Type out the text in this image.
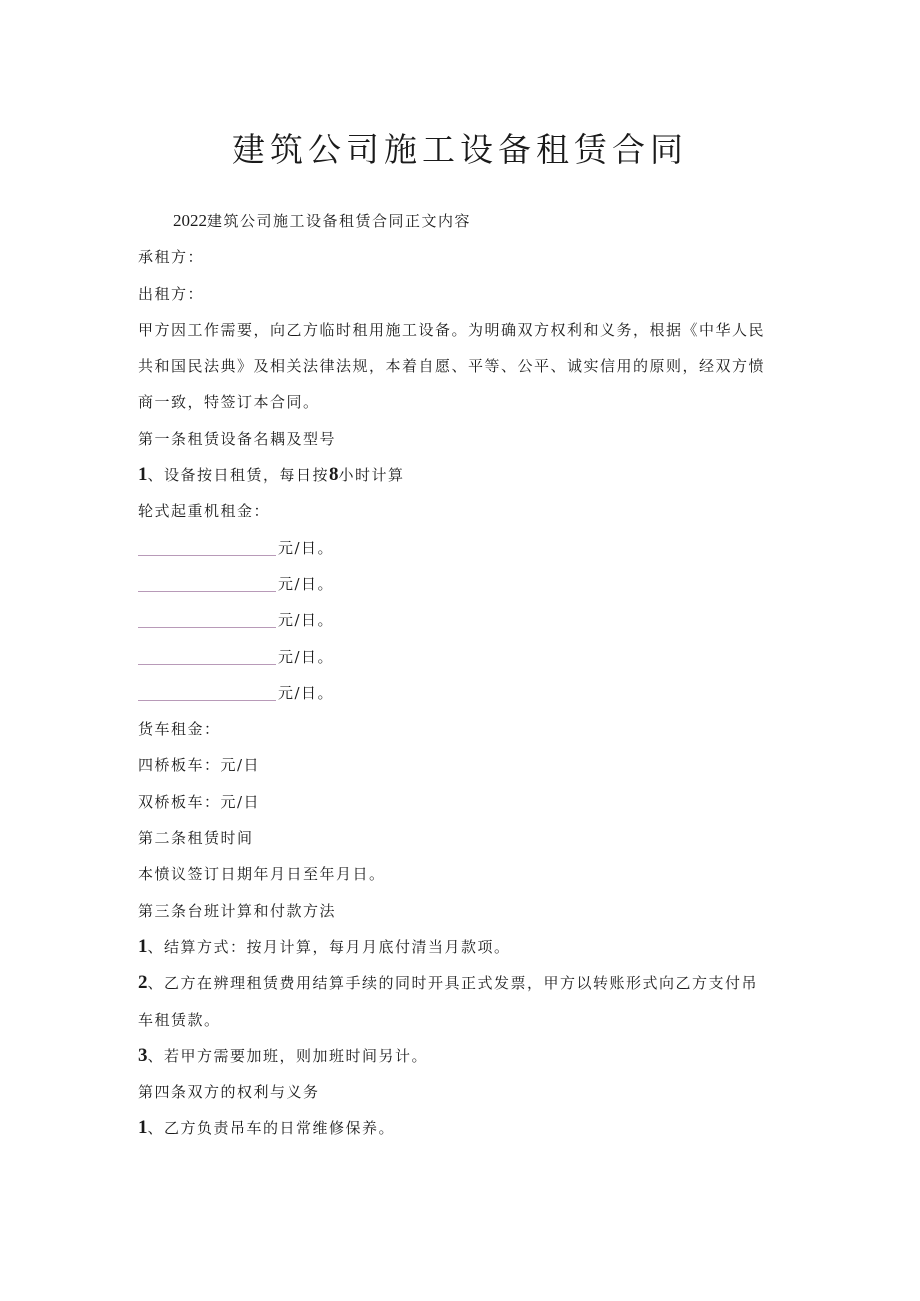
建筑公司施工设备租赁合同
2022建筑公司施工设备租赁合同正文内容
承租方：
出租方：
甲方因工作需要，向乙方临时租用施工设备。为明确双方权利和义务，根据《中华人民
共和国民法典》及相关法律法规，本着自愿、平等、公平、诚实信用的原则，经双方愤
商一致，特签订本合同。
第一条租赁设备名耦及型号
1、设备按日租赁，每日按8小时计算
轮式起重机租金：
元/日。
元/日。
元/日。
元/日。
元/日。
货车租金：
四桥板车：元/日
双桥板车：元/日
第二条租赁时间
本愤议签订日期年月日至年月日。
第三条台班计算和付款方法
1、结算方式：按月计算，每月月底付清当月款项。
2、乙方在辨理租赁费用结算手续的同时开具正式发票，甲方以转账形式向乙方支付吊
车租赁款。
3、若甲方需要加班，则加班时间另计。
第四条双方的权利与义务
1、乙方负责吊车的日常维修保养。
